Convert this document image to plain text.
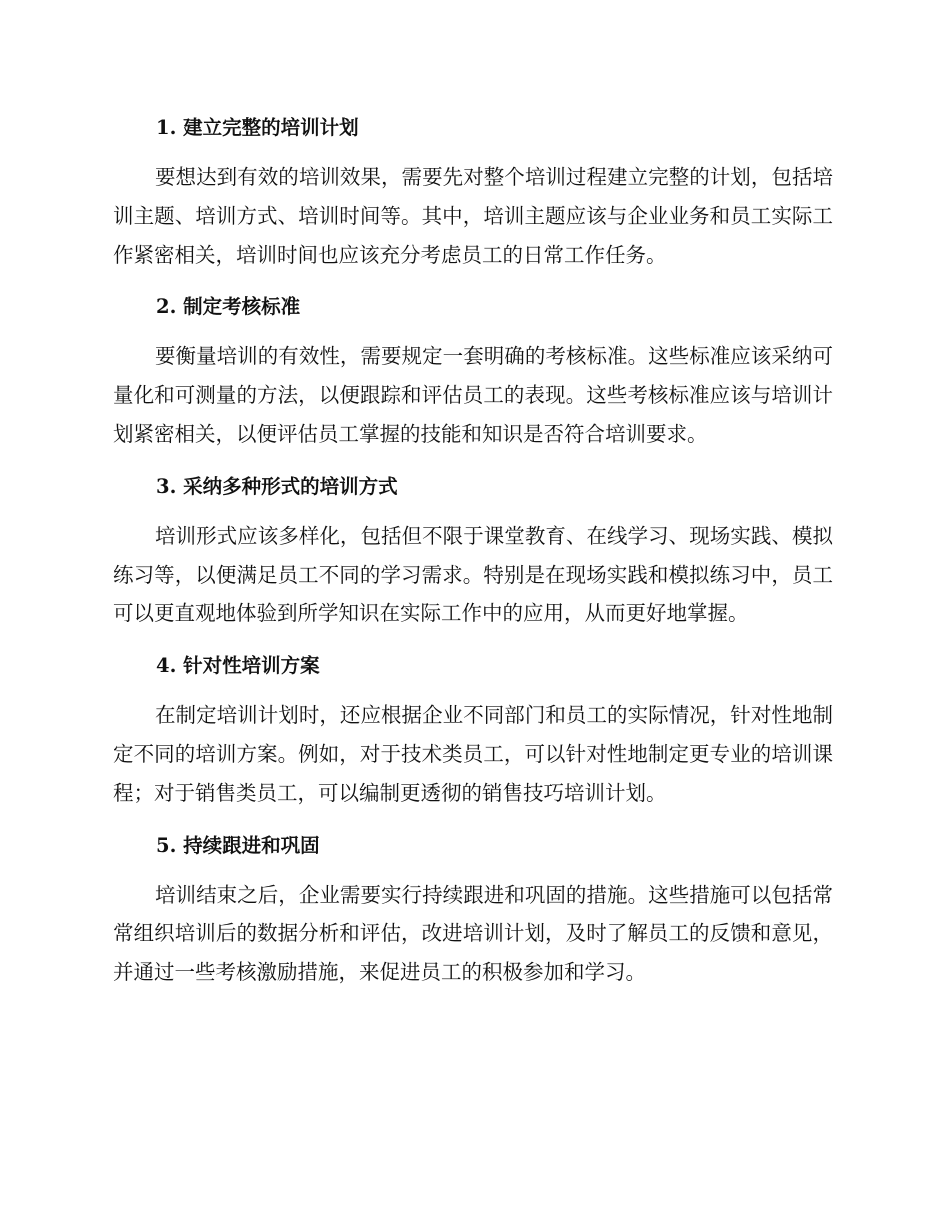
1. 建立完整的培训计划

要想达到有效的培训效果，需要先对整个培训过程建立完整的计划，包括培训主题、培训方式、培训时间等。其中，培训主题应该与企业业务和员工实际工作紧密相关，培训时间也应该充分考虑员工的日常工作任务。

2. 制定考核标准

要衡量培训的有效性，需要规定一套明确的考核标准。这些标准应该采纳可量化和可测量的方法，以便跟踪和评估员工的表现。这些考核标准应该与培训计划紧密相关，以便评估员工掌握的技能和知识是否符合培训要求。

3. 采纳多种形式的培训方式

培训形式应该多样化，包括但不限于课堂教育、在线学习、现场实践、模拟练习等，以便满足员工不同的学习需求。特别是在现场实践和模拟练习中，员工可以更直观地体验到所学知识在实际工作中的应用，从而更好地掌握。

4. 针对性培训方案

在制定培训计划时，还应根据企业不同部门和员工的实际情况，针对性地制定不同的培训方案。例如，对于技术类员工，可以针对性地制定更专业的培训课程；对于销售类员工，可以编制更透彻的销售技巧培训计划。

5. 持续跟进和巩固

培训结束之后，企业需要实行持续跟进和巩固的措施。这些措施可以包括常常组织培训后的数据分析和评估，改进培训计划，及时了解员工的反馈和意见，并通过一些考核激励措施，来促进员工的积极参加和学习。
